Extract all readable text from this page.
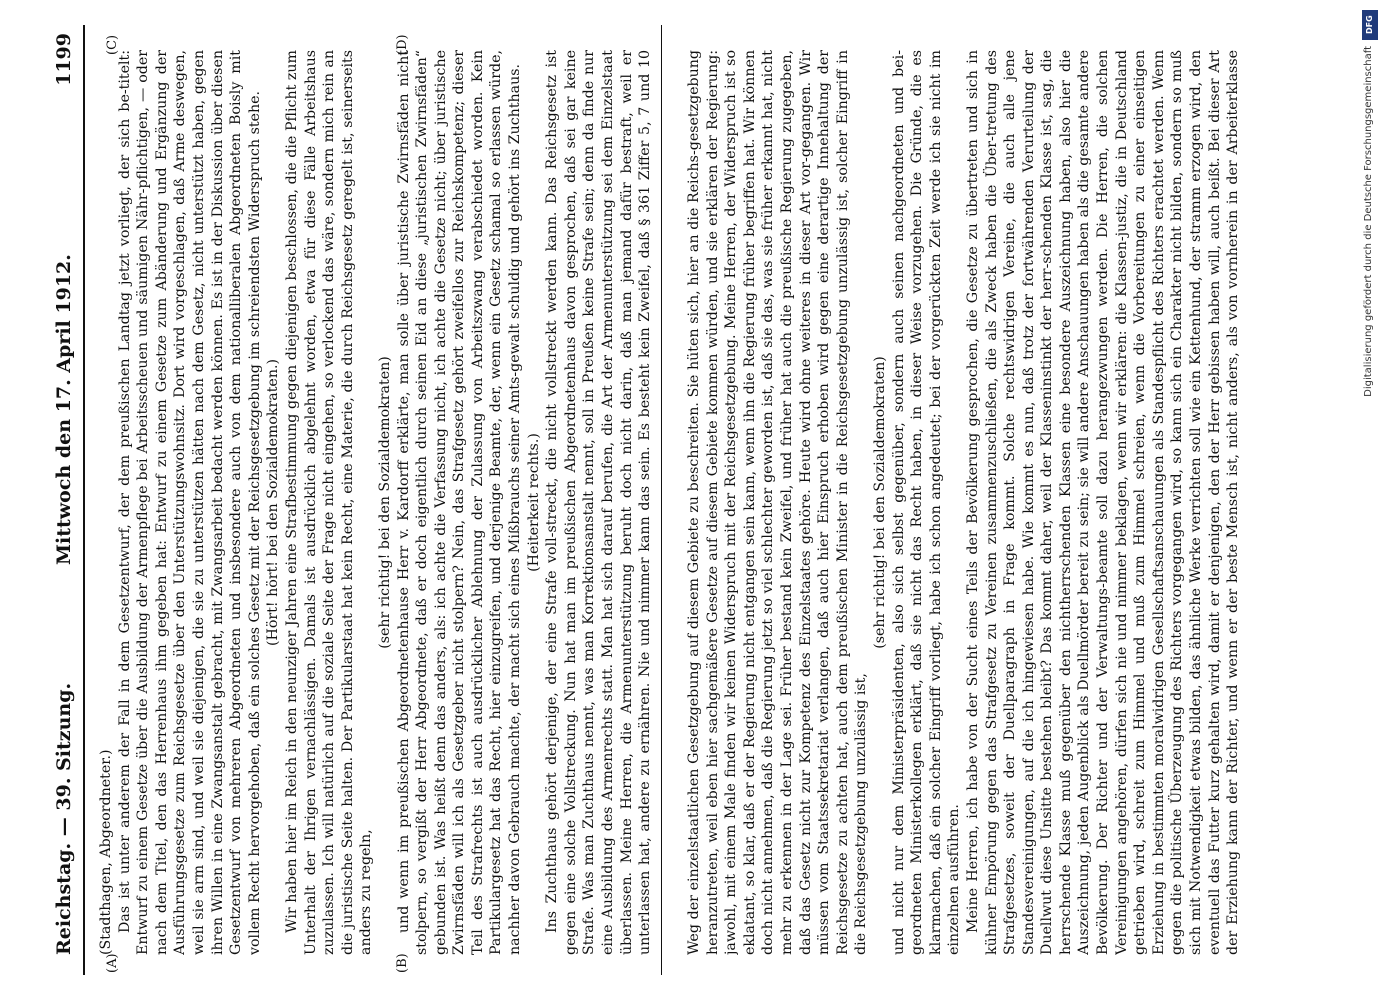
Reichstag. — 39. Sitzung.
Mittwoch den 17. April 1912.
1199
(A)	(B)
(C)	(D)

(Stadthagen, Abgeordneter.) Das ist unter anderem der Fall in dem Gesetzentwurf, der dem preußischen Landtag jetzt vorliegt, der sich be-titelt: Entwurf zu einem Gesetze über die Ausbildung der Armenpflege bei Arbeitsscheuen und säumigen Nähr-pflichtigen, — oder nach dem Titel, den das Herrenhaus ihm gegeben hat: Entwurf zu einem Gesetze zum Abänderung und Ergänzung der Ausführungsgesetze zum Reichsgesetze über den Unterstützungswohnsitz. Dort wird vorgeschlagen, daß Arme deswegen, weil sie arm sind, und weil sie diejenigen, die sie zu unterstützen hätten nach dem Gesetz, nicht unterstützt haben, gegen ihren Willen in eine Zwangsanstalt gebracht, mit Zwangsarbeit bedacht werden können. Es ist in der Diskussion über diesen Gesetzentwurf von mehreren Abgeordneten und insbesondere auch von dem nationalliberalen Abgeordneten Boisly mit vollem Recht hervorgehoben, daß ein solches Gesetz mit der Reichsgesetzgebung im schreiendsten Widerspruch stehe. (Hört! hört! bei den Sozialdemokraten.) Wir haben hier im Reich in den neunziger Jahren eine Strafbestimmung gegen diejenigen beschlossen, die die Pflicht zum Unterhalt der Ihrigen vernachlässigen. Damals ist ausdrücklich abgelehnt worden, etwa für diese Fälle Arbeitshaus zuzulassen. Ich will natürlich auf die soziale Seite der Frage nicht eingehen, so verlockend das wäre, sondern mich rein an die juristische Seite halten. Der Partikularstaat hat kein Recht, eine Materie, die durch Reichsgesetz geregelt ist, seinerseits anders zu regeln,

(sehr richtig! bei den Sozialdemokraten) und wenn im preußischen Abgeordnetenhause Herr v. Kardorff erklärte, man solle über juristische Zwirnsfäden nicht stolpern, so vergißt der Herr Abgeordnete, daß er doch eigentlich durch seinen Eid an diese „juristischen Zwirnsfäden“ gebunden ist. Was heißt denn das anders, als: ich achte die Verfassung nicht, ich achte die Gesetze nicht; über juristische Zwirnsfäden will ich als Gesetzgeber nicht stolpern? Nein, das Strafgesetz gehört zweifellos zur Reichskompetenz; dieser Teil des Strafrechts ist auch ausdrücklicher Ablehnung der Zulassung von Arbeitszwang verabschiedet worden. Kein Partikulargesetz hat das Recht, hier einzugreifen, und derjenige Beamte, der, wenn ein Gesetz schamal so erlassen würde, nachher davon Gebrauch machte, der macht sich eines Mißbrauchs seiner Amts-gewalt schuldig und gehört ins Zuchthaus. (Heiterkeit rechts.)

Ins Zuchthaus gehört derjenige, der eine Strafe voll-streckt, die nicht vollstreckt werden kann. Das Reichsgesetz ist gegen eine solche Vollstreckung. Nun hat man im preußischen Abgeordnetenhaus davon gesprochen, daß sei gar keine Strafe. Was man Zuchthaus nennt, was man Korrektionsanstalt nennt, soll in Preußen keine Strafe sein; denn da finde nur eine Ausbildung des Armenrechts statt. Man hat sich darauf berufen, die Art der Armenunterstützung sei dem Einzelstaat überlassen. Meine Herren, die Armenunterstützung beruht doch nicht darin, daß man jemand dafür bestraft, weil er unterlassen hat, andere zu ernähren. Nie und nimmer kann das sein. Es besteht kein Zweifel, daß § 361 Ziffer 5, 7 und 10	Weg der einzelstaatlichen Gesetzgebung auf diesem Gebiete zu beschreiten. Sie hüten sich, hier an die Reichs-gesetzgebung heranzutreten, weil eben hier sachgemäßere Gesetze auf diesem Gebiete kommen würden, und sie erklären der Regierung: jawohl, mit einem Male finden wir keinen Widerspruch mit der Reichsgesetzgebung. Meine Herren, der Widerspruch ist so eklatant, so klar, daß er der Regierung nicht entgangen sein kann, wenn ihn die Regierung früher begriffen hat. Wir können doch nicht annehmen, daß die Regierung jetzt so viel schlechter geworden ist, daß sie das, was sie früher erkannt hat, nicht mehr zu erkennen in der Lage sei. Früher bestand kein Zweifel, und früher hat auch die preußische Regierung zugegeben, daß das Gesetz nicht zur Kompetenz des Einzelstaates gehöre. Heute wird ohne weiteres in dieser Art vor-gegangen. Wir müssen vom Staatssekretariat verlangen, daß auch hier Einspruch erhoben wird gegen eine derartige Innehaltung der Reichsgesetze zu achten hat, auch dem preußischen Minister in die Reichsgesetzgebung unzulässig ist, solcher Eingriff in die Reichsgesetzgebung unzulässig ist,

(sehr richtig! bei den Sozialdemokraten) und nicht nur dem Ministerpräsidenten, also sich selbst gegenüber, sondern auch seinen nachgeordneten und bei-geordneten Ministerkollegen erklärt, daß sie nicht das Recht haben, in dieser Weise vorzugehen. Die Gründe, die es klarmachen, daß ein solcher Eingriff vorliegt, habe ich schon angedeutet; bei der vorgerückten Zeit werde ich sie nicht im einzelnen ausführen. Meine Herren, ich habe von der Sucht eines Teils der Bevölkerung gesprochen, die Gesetze zu übertreten und sich in kühner Empörung gegen das Strafgesetz zu Vereinen zusammenzuschließen, die als Zweck haben die Über-tretung des Strafgesetzes, soweit der Duellparagraph in Frage kommt. Solche rechtswidrigen Vereine, die auch alle jene Standesvereinigungen, auf die ich hingewiesen habe. Wie kommt es nun, daß trotz der fortwährenden Verurteilung der Duellwut diese Unsitte bestehen bleibt? Das kommt daher, weil der Klasseninstinkt der herr-schenden Klasse ist, sag, die herrschende Klasse muß gegenüber den nichtherrschenden Klassen eine besondere Auszeichnung haben, also hier die Auszeichnung, jeden Augenblick als Duellmörder bereit zu sein; sie will andere Anschauungen haben als die gesamte andere Bevölkerung. Der Richter und der Verwaltungs-beamte soll dazu herangezwungen werden. Die Herren, die solchen Vereinigungen angehören, dürfen sich nie und nimmer beklagen, wenn wir erklären: die Klassen-justiz, die in Deutschland getrieben wird, schreit zum Himmel und muß zum Himmel schreien, wenn die Vorbereitungen zu einer einseitigen Erziehung in bestimmten moralwidrigen Gesellschaftsanschauungen als Standespflicht des Richters erachtet werden. Wenn gegen die politische Überzeugung des Richters vorgegangen wird, so kann sich ein Charakter nicht bilden, sondern so muß sich mit Notwendigkeit etwas bilden, das ähnliche Werke verrichten soll wie ein Kettenhund, der stramm erzogen wird, den eventuell das Futter kurz gehalten wird, damit er denjenigen, den der Herr gebissen haben will, auch beißt. Bei dieser Art der Erziehung kann der Richter, und wenn er der beste Mensch ist, nicht anders, als von vornherein in der Arbeiterklasse

DFG
Digitalisierung gefördert durch die Deutsche Forschungsgemeinschaft
